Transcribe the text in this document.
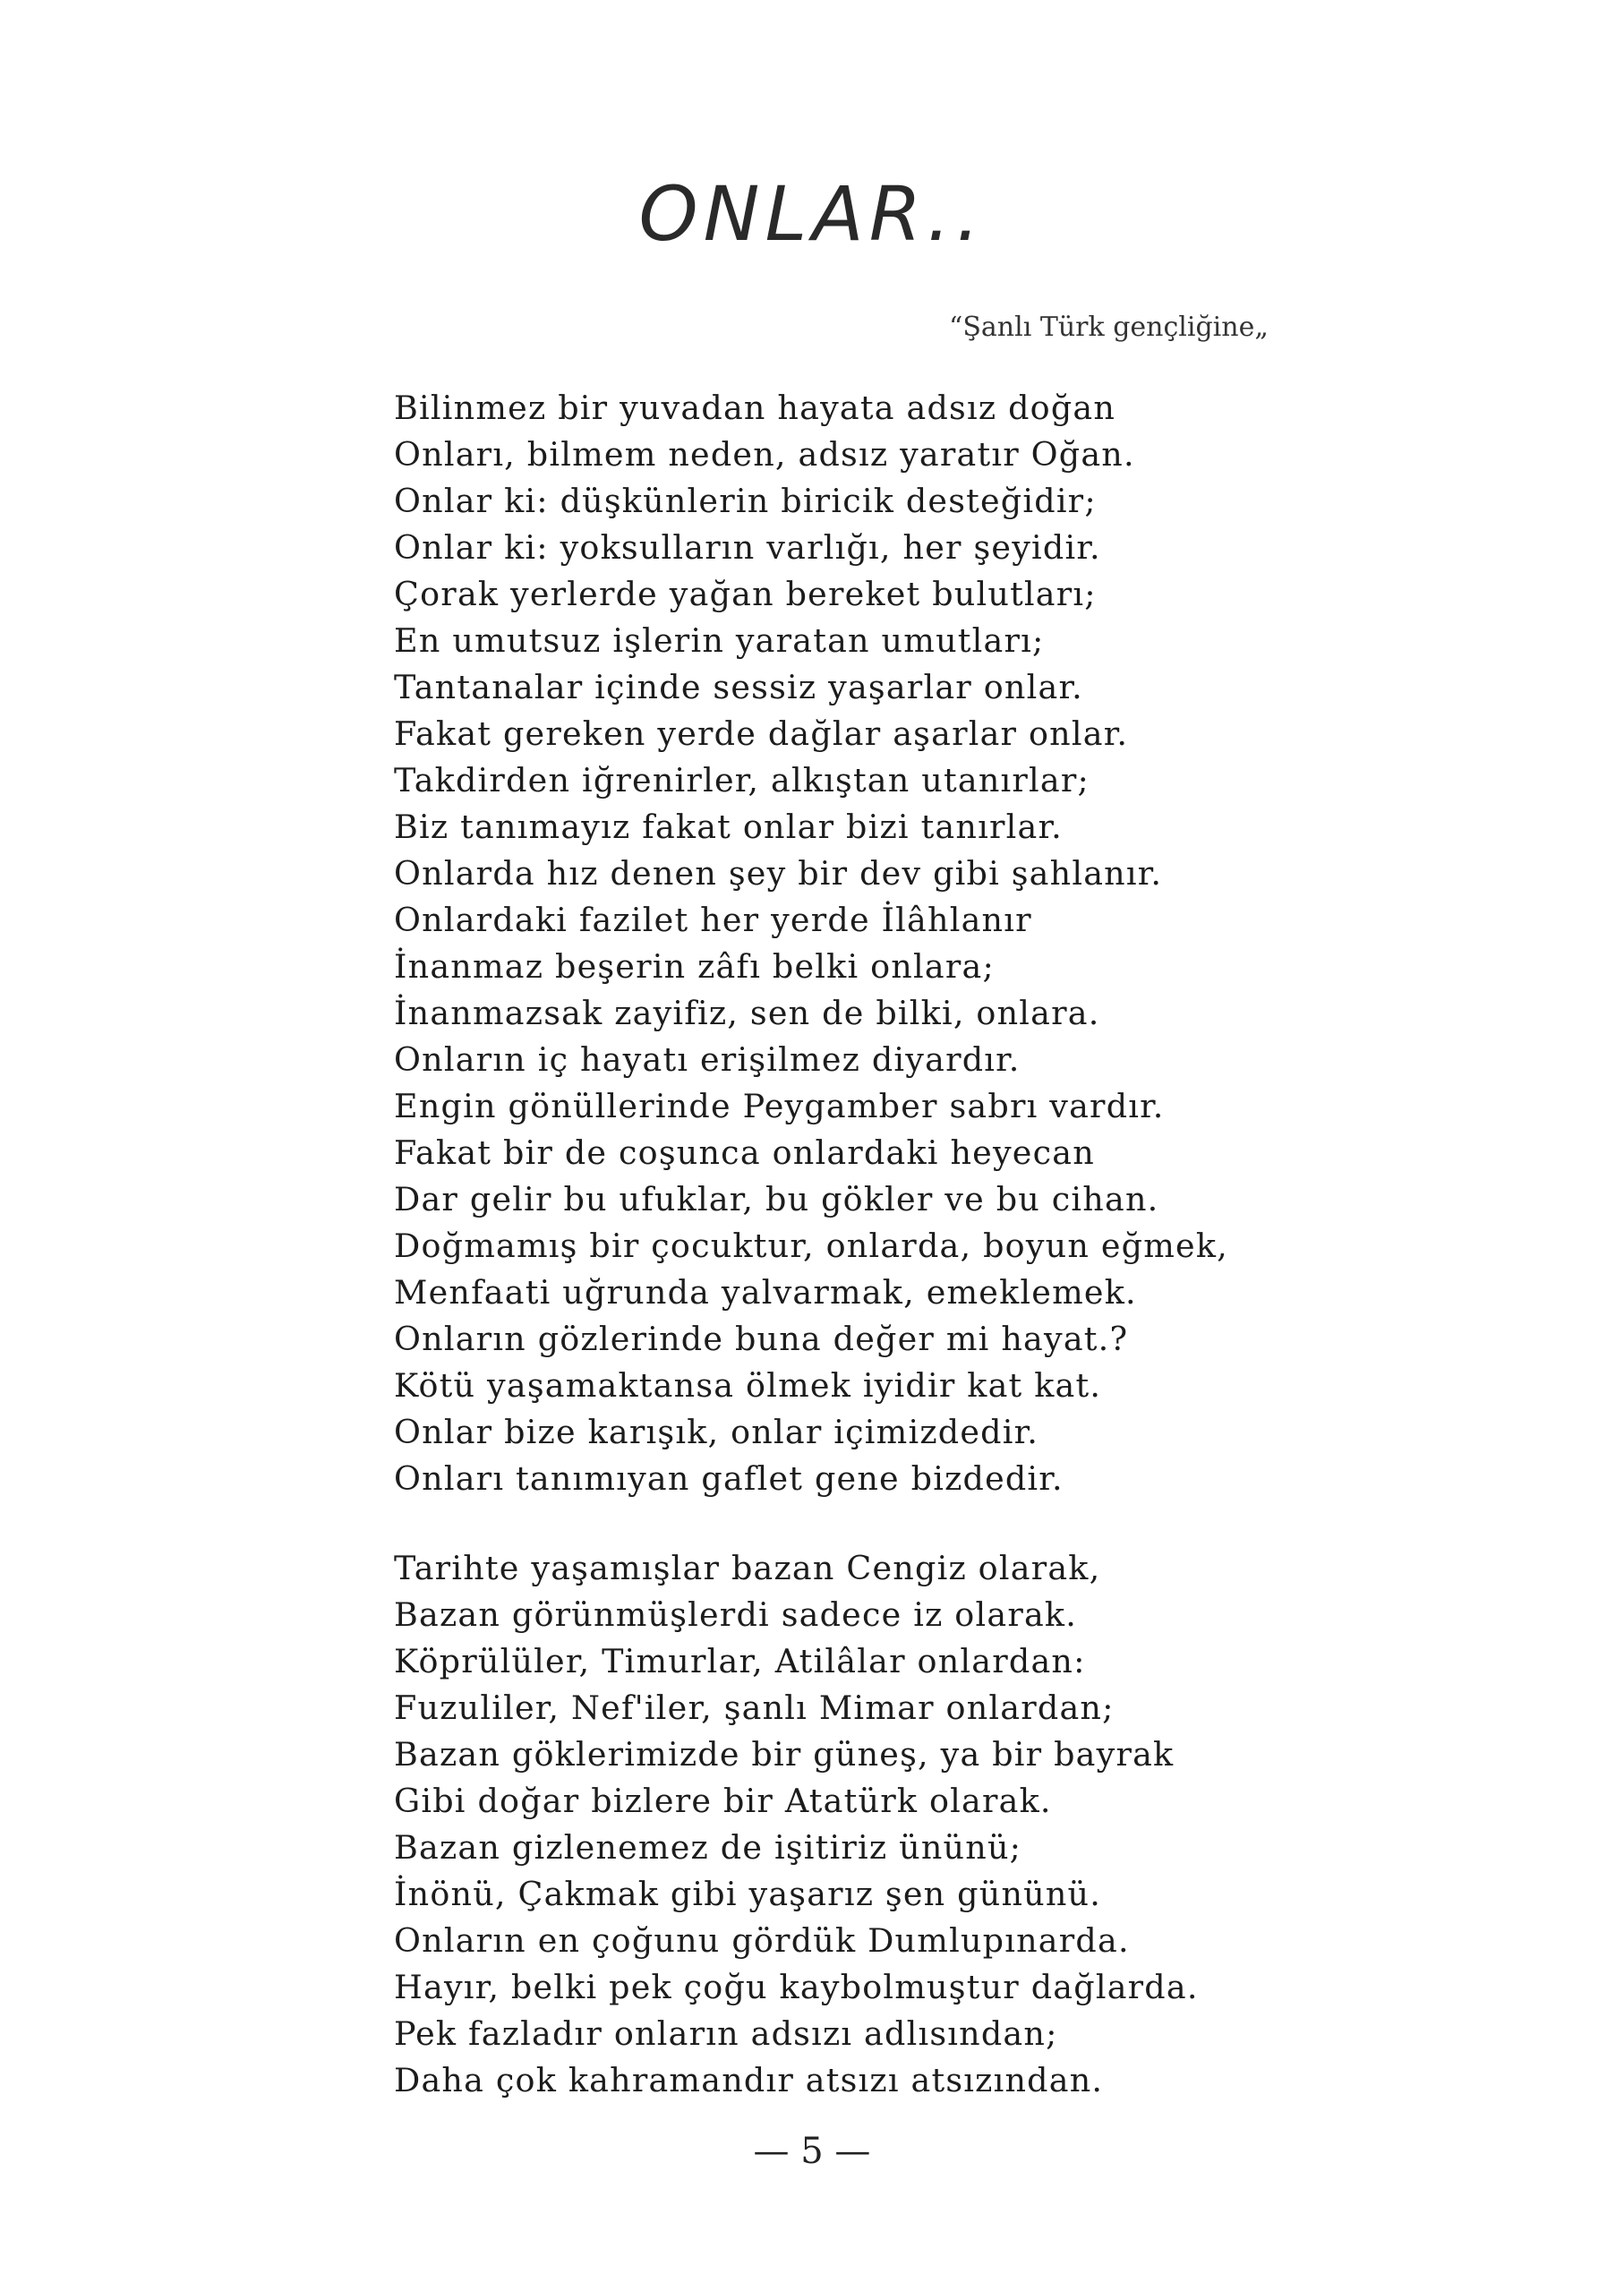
ONLAR..
“Şanlı Türk gençliğine„
Bilinmez bir yuvadan hayata adsız doğan
Onları, bilmem neden, adsız yaratır Oğan.
Onlar ki: düşkünlerin biricik desteğidir;
Onlar ki: yoksulların varlığı, her şeyidir.
Çorak yerlerde yağan bereket bulutları;
En umutsuz işlerin yaratan umutları;
Tantanalar içinde sessiz yaşarlar onlar.
Fakat gereken yerde dağlar aşarlar onlar.
Takdirden iğrenirler, alkıştan utanırlar;
Biz tanımayız fakat onlar bizi tanırlar.
Onlarda hız denen şey bir dev gibi şahlanır.
Onlardaki fazilet her yerde İlâhlanır
İnanmaz beşerin zâfı belki onlara;
İnanmazsak zayifiz, sen de bilki, onlara.
Onların iç hayatı erişilmez diyardır.
Engin gönüllerinde Peygamber sabrı vardır.
Fakat bir de coşunca onlardaki heyecan
Dar gelir bu ufuklar, bu gökler ve bu cihan.
Doğmamış bir çocuktur, onlarda, boyun eğmek,
Menfaati uğrunda yalvarmak, emeklemek.
Onların gözlerinde buna değer mi hayat.?
Kötü yaşamaktansa ölmek iyidir kat kat.
Onlar bize karışık, onlar içimizdedir.
Onları tanımıyan gaflet gene bizdedir.
Tarihte yaşamışlar bazan Cengiz olarak,
Bazan görünmüşlerdi sadece iz olarak.
Köprülüler, Timurlar, Atilâlar onlardan:
Fuzuliler, Nef'iler, şanlı Mimar onlardan;
Bazan göklerimizde bir güneş, ya bir bayrak
Gibi doğar bizlere bir Atatürk olarak.
Bazan gizlenemez de işitiriz ününü;
İnönü, Çakmak gibi yaşarız şen gününü.
Onların en çoğunu gördük Dumlupınarda.
Hayır, belki pek çoğu kaybolmuştur dağlarda.
Pek fazladır onların adsızı adlısından;
Daha çok kahramandır atsızı atsızından.
— 5 —
